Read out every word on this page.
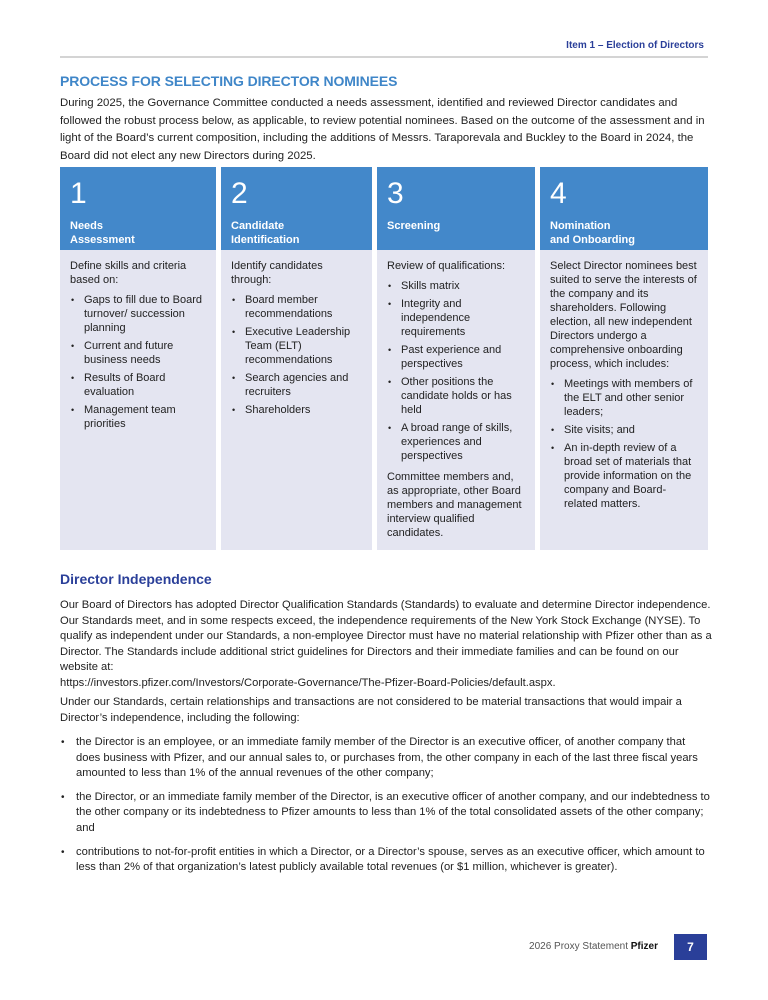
Item 1 – Election of Directors
PROCESS FOR SELECTING DIRECTOR NOMINEES

During 2025, the Governance Committee conducted a needs assessment, identified and reviewed Director candidates and followed the robust process below, as applicable, to review potential nominees. Based on the outcome of the assessment and in light of the Board’s current composition, including the additions of Messrs. Taraporevala and Buckley to the Board in 2024, the Board did not elect any new Directors during 2025.

1
Needs
Assessment

Define skills and criteria based on:

• Gaps to fill due to Board turnover/ succession planning
• Current and future business needs
• Results of Board evaluation
• Management team priorities
2
Candidate
Identification

Identify candidates through:

• Board member recommendations
• Executive Leadership Team (ELT) recommendations
• Search agencies and recruiters
• Shareholders
3
Screening

Review of qualifications:

• Skills matrix
• Integrity and independence requirements
• Past experience and perspectives
• Other positions the candidate holds or has held
• A broad range of skills, experiences and perspectives

Committee members and, as appropriate, other Board members and management interview qualified candidates.

4
Nomination
and Onboarding

Select Director nominees best suited to serve the interests of the company and its shareholders. Following election, all new independent Directors undergo a comprehensive onboarding process, which includes:

• Meetings with members of the ELT and other senior leaders;
• Site visits; and
• An in-depth review of a broad set of materials that provide information on the company and Board-related matters.
Director Independence

Our Board of Directors has adopted Director Qualification Standards (Standards) to evaluate and determine Director independence. Our Standards meet, and in some respects exceed, the independence requirements of the New York Stock Exchange (NYSE). To qualify as independent under our Standards, a non-employee Director must have no material relationship with Pfizer other than as a Director. The Standards include additional strict guidelines for Directors and their immediate families and can be found on our website at:
https://investors.pfizer.com/Investors/Corporate-Governance/The-Pfizer-Board-Policies/default.aspx.

Under our Standards, certain relationships and transactions are not considered to be material transactions that would impair a Director’s independence, including the following:

• the Director is an employee, or an immediate family member of the Director is an executive officer, of another company that does business with Pfizer, and our annual sales to, or purchases from, the other company in each of the last three fiscal years amounted to less than 1% of the annual revenues of the other company;
• the Director, or an immediate family member of the Director, is an executive officer of another company, and our indebtedness to the other company or its indebtedness to Pfizer amounts to less than 1% of the total consolidated assets of the other company; and
• contributions to not-for-profit entities in which a Director, or a Director’s spouse, serves as an executive officer, which amount to less than 2% of that organization’s latest publicly available total revenues (or $1 million, whichever is greater).
2026 Proxy Statement Pfizer	7
